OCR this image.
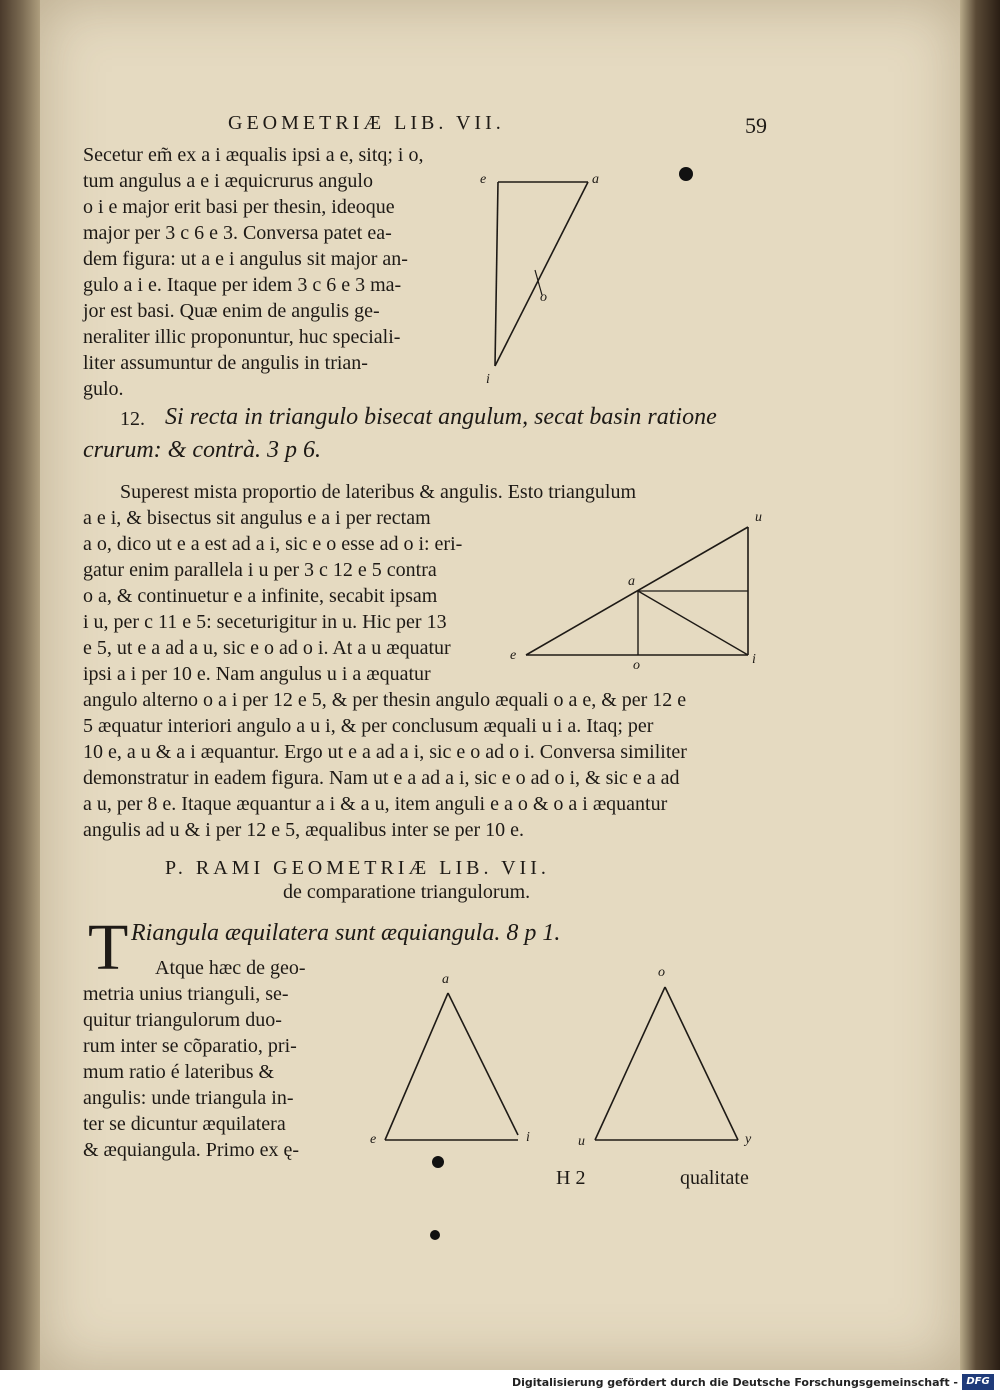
GEOMETRIÆ LIB. VII.	59
Secetur em̃ ex a i æqualis ipsi a e, sitq; i o,
tum angulus a e i æquicrurus angulo
o i e major erit basi per thesin, ideoque
major per 3 c 6 e 3. Conversa patet ea-
dem figura: ut a e i angulus sit major an-
gulo a i e. Itaque per idem 3 c 6 e 3 ma-
jor est basi. Quæ enim de angulis ge-
neraliter illic proponuntur, huc speciali-
liter assumuntur de angulis in trian-
gulo.
e	a
o
i
12. Si recta in triangulo bisecat angulum, secat basin ratione
crurum: & contrà. 3 p 6.
Superest mista proportio de lateribus & angulis. Esto triangulum
a e i, & bisectus sit angulus e a i per rectam
a o, dico ut e a est ad a i, sic e o esse ad o i: eri-
gatur enim parallela i u per 3 c 12 e 5 contra
o a, & continuetur e a infinite, secabit ipsam
i u, per c 11 e 5: seceturigitur in u. Hic per 13
e 5, ut e a ad a u, sic e o ad o i. At a u æquatur
ipsi a i per 10 e. Nam angulus u i a æquatur
angulo alterno o a i per 12 e 5, & per thesin angulo æquali o a e, & per 12 e
5 æquatur interiori angulo a u i, & per conclusum æquali u i a. Itaq; per
10 e, a u & a i æquantur. Ergo ut e a ad a i, sic e o ad o i. Conversa similiter
demonstratur in eadem figura. Nam ut e a ad a i, sic e o ad o i, & sic e a ad
a u, per 8 e. Itaque æquantur a i & a u, item anguli e a o & o a i æquantur
angulis ad u & i per 12 e 5, æqualibus inter se per 10 e.
u
a
e
o	i
P. RAMI GEOMETRIÆ LIB. VII.
de comparatione triangulorum.
T Riangula æquilatera sunt æquiangula. 8 p 1.
Atque hæc de geo-
metria unius trianguli, se-
quitur triangulorum duo-
rum inter se cõparatio, pri-
mum ratio é lateribus &
angulis: unde triangula in-
ter se dicuntur æquilatera
& æquiangula. Primo ex ę-
a
e	i
o
u	y
H 2	qualitate
Digitalisierung gefördert durch die Deutsche Forschungsgemeinschaft - DFG
